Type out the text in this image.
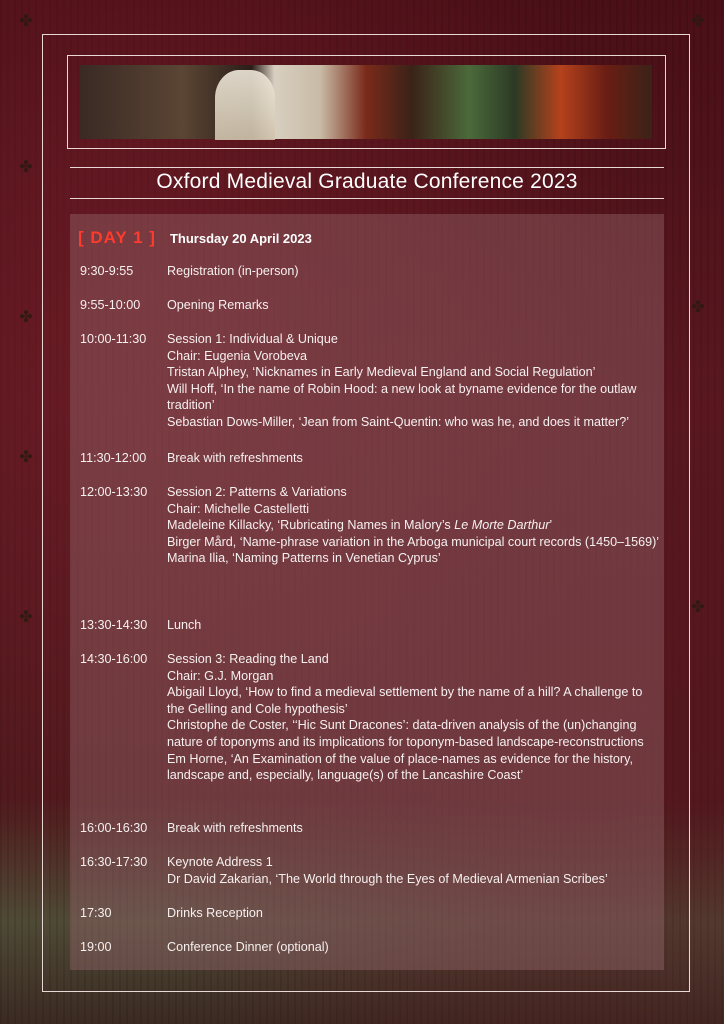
✤
✤
✤
✤
✤
✤
✤
✤
Oxford Medieval Graduate Conference 2023
[ DAY 1 ] Thursday 20 April 2023
9:30-9:55	Registration (in-person)
9:55-10:00	Opening Remarks
10:00-11:30	Session 1: Individual & Unique
Chair: Eugenia Vorobeva
Tristan Alphey, ‘Nicknames in Early Medieval England and Social Regulation’
Will Hoff, ‘In the name of Robin Hood: a new look at byname evidence for the outlaw tradition’
Sebastian Dows-Miller, ‘Jean from Saint-Quentin: who was he, and does it matter?’
11:30-12:00	Break with refreshments
12:00-13:30	Session 2: Patterns & Variations
Chair: Michelle Castelletti
Madeleine Killacky, ‘Rubricating Names in Malory’s Le Morte Darthur’
Birger Mård, ‘Name-phrase variation in the Arboga municipal court records (1450–1569)’
Marina Ilia, ‘Naming Patterns in Venetian Cyprus’
13:30-14:30	Lunch
14:30-16:00	Session 3: Reading the Land
Chair: G.J. Morgan
Abigail Lloyd, ‘How to find a medieval settlement by the name of a hill? A challenge to the Gelling and Cole hypothesis’
Christophe de Coster, ‘‘Hic Sunt Dracones’: data-driven analysis of the (un)changing nature of toponyms and its implications for toponym-based landscape-reconstructions
Em Horne, ‘An Examination of the value of place-names as evidence for the history, landscape and, especially, language(s) of the Lancashire Coast’
16:00-16:30	Break with refreshments
16:30-17:30	Keynote Address 1
Dr David Zakarian, ‘The World through the Eyes of Medieval Armenian Scribes’
17:30	Drinks Reception
19:00	Conference Dinner (optional)
